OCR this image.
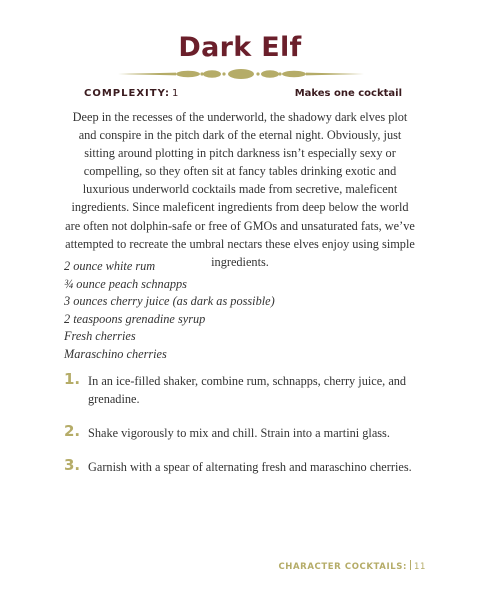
Dark Elf
COMPLEXITY: 1	Makes one cocktail

Deep in the recesses of the underworld, the shadowy dark elves plot and conspire in the pitch dark of the eternal night. Obviously, just sitting around plotting in pitch darkness isn’t especially sexy or compelling, so they often sit at fancy tables drinking exotic and luxurious underworld cocktails made from secretive, maleficent ingredients. Since maleficent ingredients from deep below the world are often not dolphin-safe or free of GMOs and unsaturated fats, we’ve attempted to recreate the umbral nectars these elves enjoy using simple ingredients.

2 ounce white rum
¾ ounce peach schnapps
3 ounces cherry juice (as dark as possible)
2 teaspoons grenadine syrup
Fresh cherries
Maraschino cherries
1. In an ice-filled shaker, combine rum, schnapps, cherry juice, and grenadine.
2. Shake vigorously to mix and chill. Strain into a martini glass.
3. Garnish with a spear of alternating fresh and maraschino cherries.
CHARACTER COCKTAILS: 11
